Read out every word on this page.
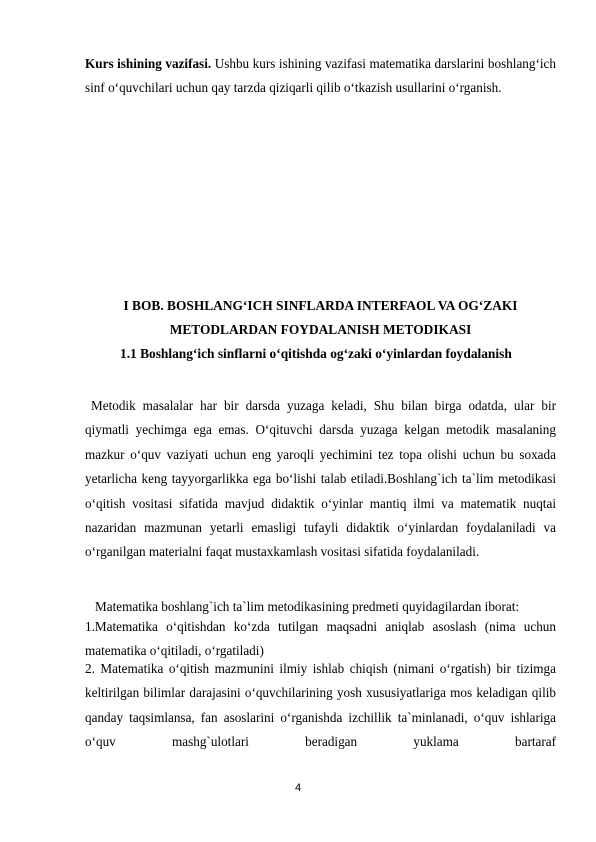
Kurs ishining vazifasi. Ushbu kurs ishining vazifasi matematika darslarini boshlang‘ich sinf o‘quvchilari uchun qay tarzda qiziqarli qilib o‘tkazish usullarini o‘rganish.
I BOB. BOSHLANG‘ICH SINFLARDA INTERFAOL VA OG‘ZAKI
METODLARDAN FOYDALANISH METODIKASI
1.1 Boshlang‘ich sinflarni o‘qitishda og‘zaki o‘yinlardan foydalanish
Metodik masalalar har bir darsda yuzaga keladi, Shu bilan birga odatda, ular bir qiymatli yechimga ega emas. O‘qituvchi darsda yuzaga kelgan metodik masalaning mazkur o‘quv vaziyati uchun eng yaroqli yechimini tez topa olishi uchun bu soxada yetarlicha keng tayyorgarlikka ega bo‘lishi talab etiladi.Boshlang`ich ta`lim metodikasi o‘qitish vositasi sifatida mavjud didaktik o‘yinlar mantiq ilmi va matematik nuqtai nazaridan mazmunan yetarli emasligi tufayli didaktik o‘yinlardan foydalaniladi va o‘rganilgan materialni faqat mustaxkamlash vositasi sifatida foydalaniladi.
Matematika boshlang`ich ta`lim metodikasining predmeti quyidagilardan iborat:
1.Matematika o‘qitishdan ko‘zda tutilgan maqsadni aniqlab asoslash (nima uchun matematika o‘qitiladi, o‘rgatiladi)
2. Matematika o‘qitish mazmunini ilmiy ishlab chiqish (nimani o‘rgatish) bir tizimga keltirilgan bilimlar darajasini o‘quvchilarining yosh xususiyatlariga mos keladigan qilib qanday taqsimlansa, fan asoslarini o‘rganishda izchillik ta`minlanadi, o‘quv ishlariga o‘quv mashg`ulotlari beradigan yuklama bartaraf
4
